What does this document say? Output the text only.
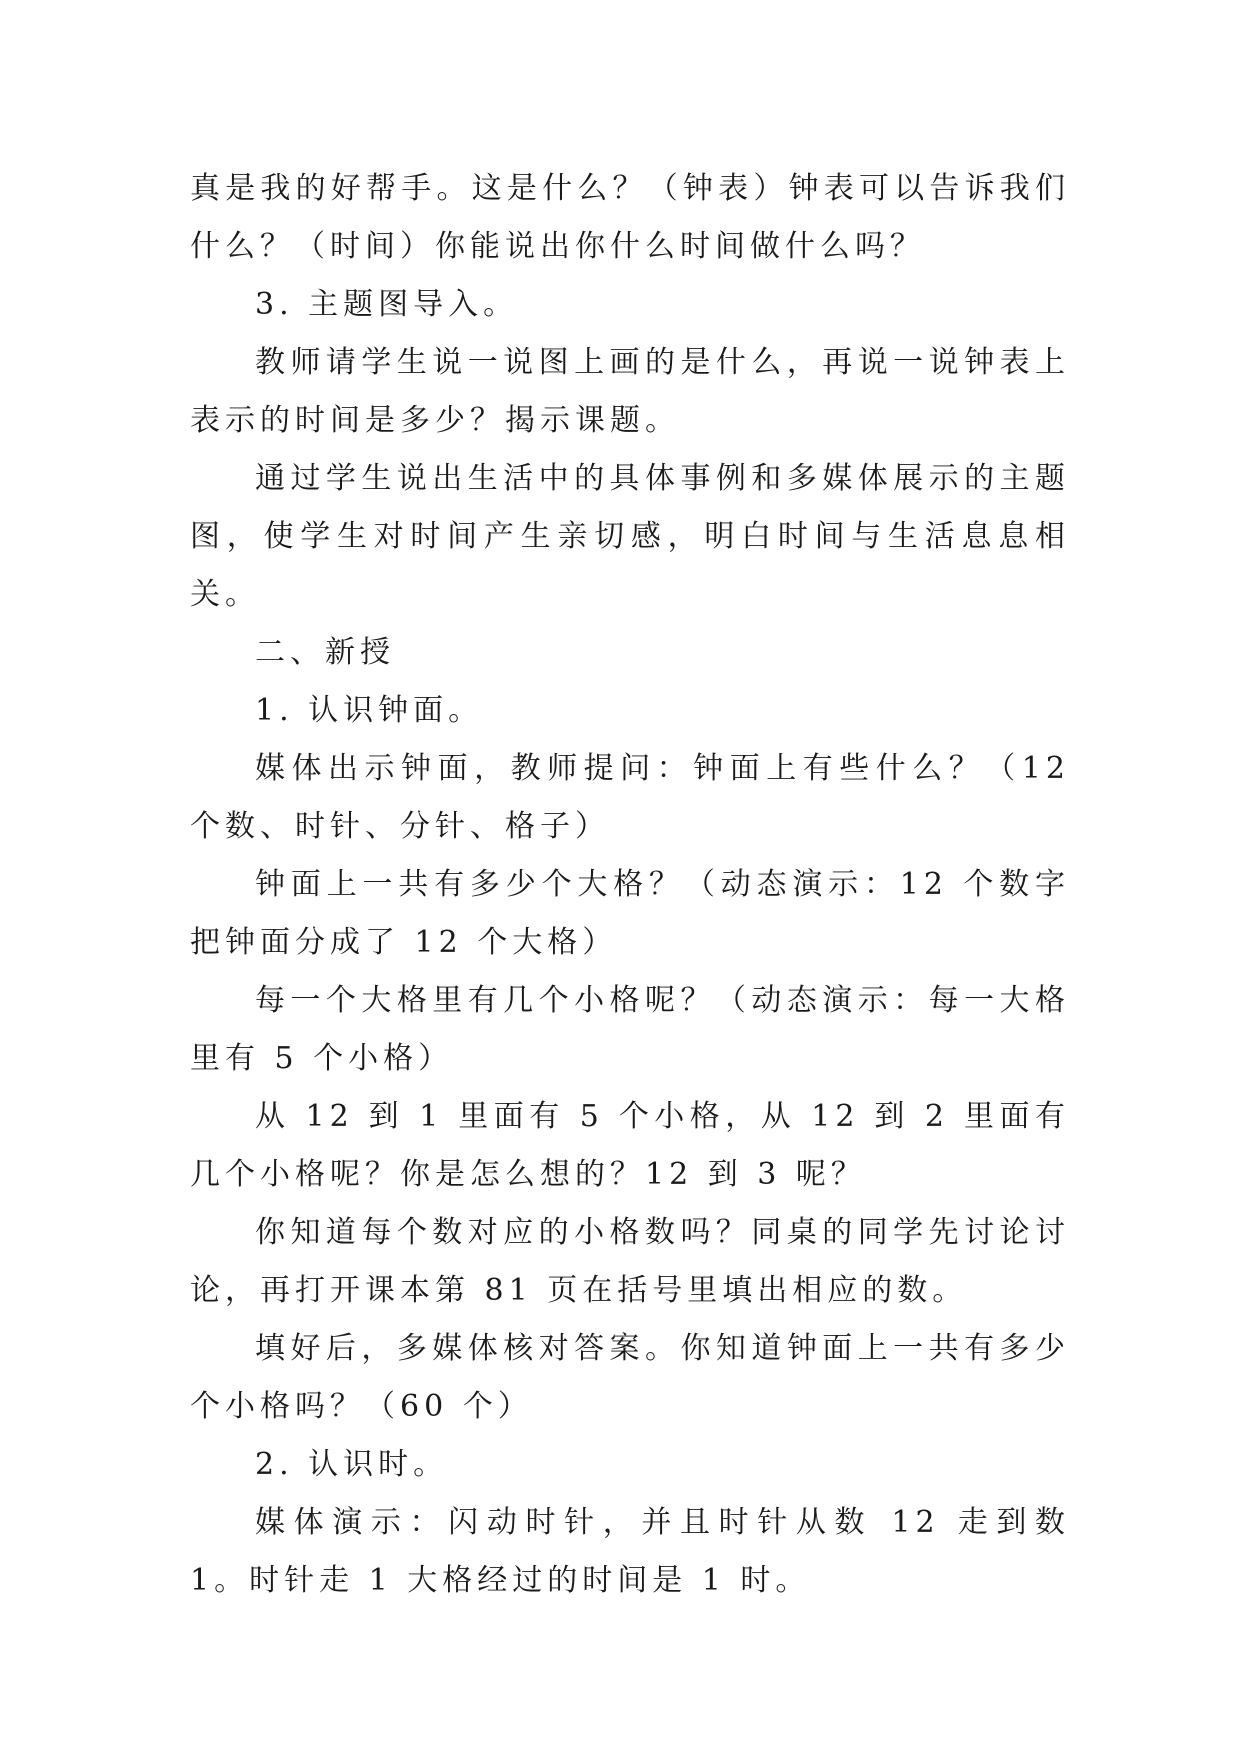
真是我的好帮手。这是什么？（钟表）钟表可以告诉我们什么？（时间）你能说出你什么时间做什么吗？

3. 主题图导入。

教师请学生说一说图上画的是什么，再说一说钟表上表示的时间是多少？揭示课题。

通过学生说出生活中的具体事例和多媒体展示的主题图，使学生对时间产生亲切感，明白时间与生活息息相关。

二、新授

1. 认识钟面。

媒体出示钟面，教师提问：钟面上有些什么？（12 个数、时针、分针、格子）

钟面上一共有多少个大格？（动态演示：12 个数字把钟面分成了 12 个大格）

每一个大格里有几个小格呢？（动态演示：每一大格里有 5 个小格）

从 12 到 1 里面有 5 个小格，从 12 到 2 里面有几个小格呢？你是怎么想的？12 到 3 呢？

你知道每个数对应的小格数吗？同桌的同学先讨论讨论，再打开课本第 81 页在括号里填出相应的数。

填好后，多媒体核对答案。你知道钟面上一共有多少个小格吗？（60 个）

2. 认识时。

媒体演示：闪动时针，并且时针从数 12 走到数 1。时针走 1 大格经过的时间是 1 时。
